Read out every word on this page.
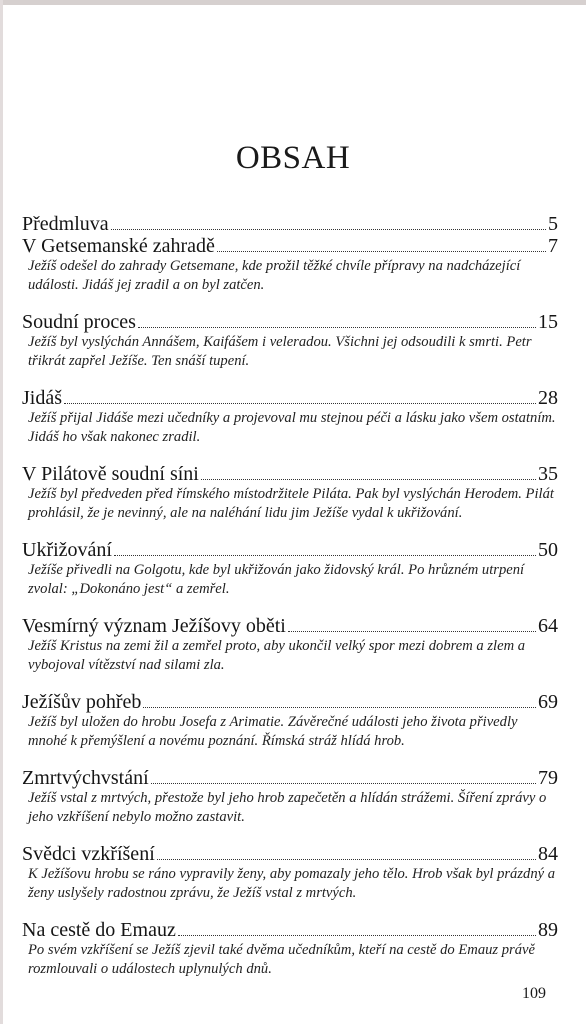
OBSAH
Předmluva	5
V Getsemanské zahradě	7
Ježíš odešel do zahrady Getsemane, kde prožil těžké chvíle přípravy na nadcházející události. Jidáš jej zradil a on byl zatčen.
Soudní proces	15
Ježíš byl vyslýchán Annášem, Kaifášem i veleradou. Všichni jej odsoudili k smrti. Petr třikrát zapřel Ježíše. Ten snáší tupení.
Jidáš	28
Ježíš přijal Jidáše mezi učedníky a projevoval mu stejnou péči a lásku jako všem ostatním. Jidáš ho však nakonec zradil.
V Pilátově soudní síni	35
Ježíš byl předveden před římského místodržitele Piláta. Pak byl vyslýchán Herodem. Pilát prohlásil, že je nevinný, ale na naléhání lidu jim Ježíše vydal k ukřižování.
Ukřižování	50
Ježíše přivedli na Golgotu, kde byl ukřižován jako židovský král. Po hrůzném utrpení zvolal: „Dokonáno jest“ a zemřel.
Vesmírný význam Ježíšovy oběti	64
Ježíš Kristus na zemi žil a zemřel proto, aby ukončil velký spor mezi dobrem a zlem a vybojoval vítězství nad silami zla.
Ježíšův pohřeb	69
Ježíš byl uložen do hrobu Josefa z Arimatie. Závěrečné události jeho života přivedly mnohé k přemýšlení a novému poznání. Římská stráž hlídá hrob.
Zmrtvýchvstání	79
Ježíš vstal z mrtvých, přestože byl jeho hrob zapečetěn a hlídán strážemi. Šíření zprávy o jeho vzkříšení nebylo možno zastavit.
Svědci vzkříšení	84
K Ježíšovu hrobu se ráno vypravily ženy, aby pomazaly jeho tělo. Hrob však byl prázdný a ženy uslyšely radostnou zprávu, že Ježíš vstal z mrtvých.
Na cestě do Emauz	89
Po svém vzkříšení se Ježíš zjevil také dvěma učedníkům, kteří na cestě do Emauz právě rozmlouvali o událostech uplynulých dnů.
109
